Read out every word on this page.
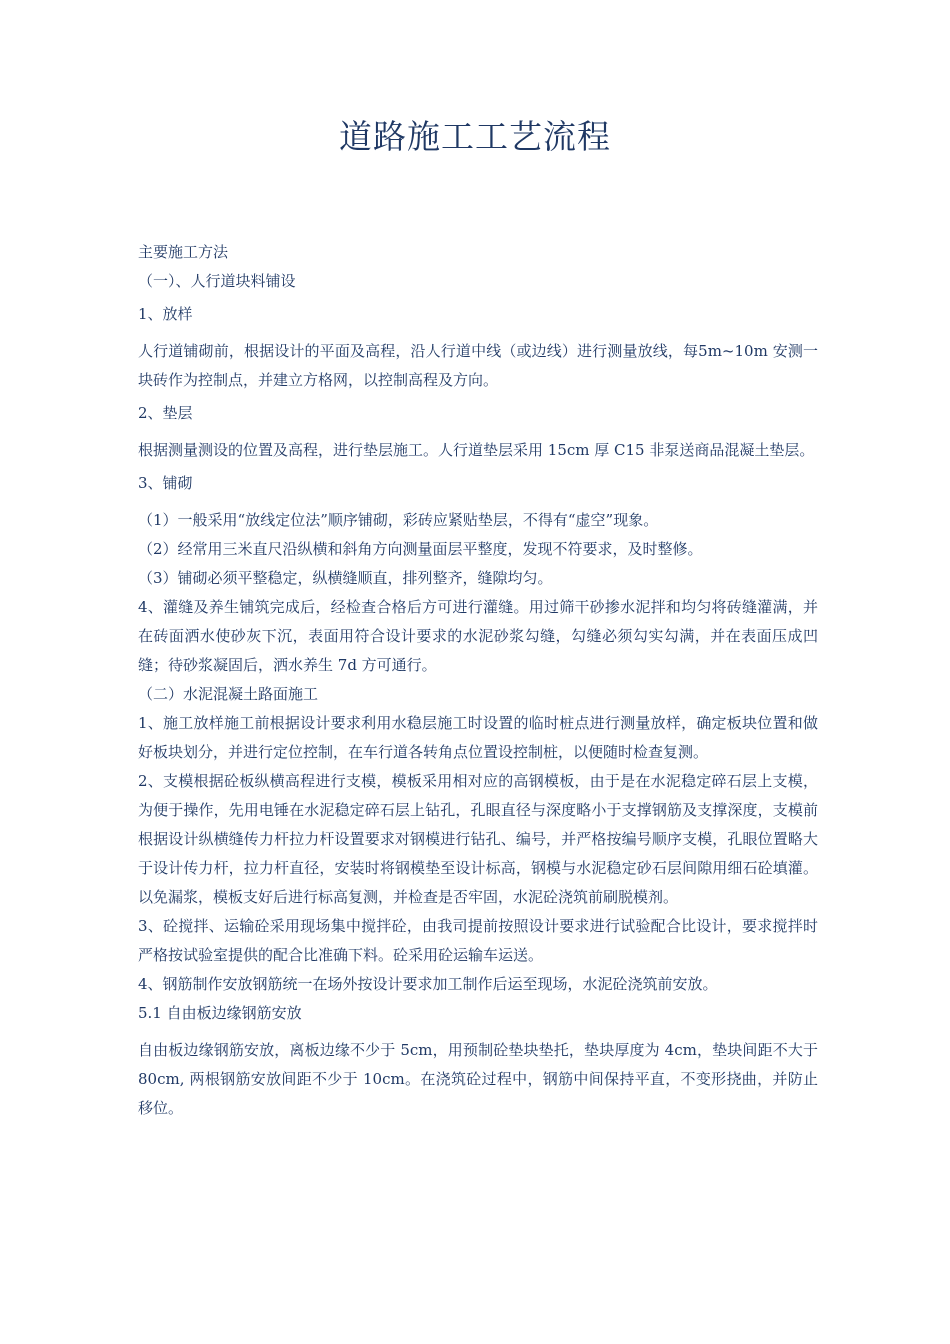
道路施工工艺流程

主要施工方法

（一）、人行道块料铺设

1、放样

人行道铺砌前，根据设计的平面及高程，沿人行道中线（或边线）进行测量放线，每5m~10m 安测一块砖作为控制点，并建立方格网，以控制高程及方向。

2、垫层

根据测量测设的位置及高程，进行垫层施工。人行道垫层采用 15cm 厚 C15 非泵送商品混凝土垫层。

3、铺砌

（1）一般采用“放线定位法”顺序铺砌，彩砖应紧贴垫层，不得有“虚空”现象。

（2）经常用三米直尺沿纵横和斜角方向测量面层平整度，发现不符要求，及时整修。

（3）铺砌必须平整稳定，纵横缝顺直，排列整齐，缝隙均匀。

4、灌缝及养生铺筑完成后，经检查合格后方可进行灌缝。用过筛干砂掺水泥拌和均匀将砖缝灌满，并在砖面洒水使砂灰下沉，表面用符合设计要求的水泥砂浆勾缝，勾缝必须勾实勾满，并在表面压成凹缝；待砂浆凝固后，洒水养生 7d 方可通行。

（二）水泥混凝土路面施工

1、施工放样施工前根据设计要求利用水稳层施工时设置的临时桩点进行测量放样，确定板块位置和做好板块划分，并进行定位控制，在车行道各转角点位置设控制桩，以便随时检查复测。

2、支模根据砼板纵横高程进行支模，模板采用相对应的高钢模板，由于是在水泥稳定碎石层上支模，为便于操作，先用电锤在水泥稳定碎石层上钻孔，孔眼直径与深度略小于支撑钢筋及支撑深度，支模前根据设计纵横缝传力杆拉力杆设置要求对钢模进行钻孔、编号，并严格按编号顺序支模，孔眼位置略大于设计传力杆，拉力杆直径，安装时将钢模垫至设计标高，钢模与水泥稳定砂石层间隙用细石砼填灌。以免漏浆，模板支好后进行标高复测，并检查是否牢固，水泥砼浇筑前刷脱模剂。

3、砼搅拌、运输砼采用现场集中搅拌砼，由我司提前按照设计要求进行试验配合比设计，要求搅拌时严格按试验室提供的配合比准确下料。砼采用砼运输车运送。

4、钢筋制作安放钢筋统一在场外按设计要求加工制作后运至现场，水泥砼浇筑前安放。

5.1 自由板边缘钢筋安放

自由板边缘钢筋安放，离板边缘不少于 5cm，用预制砼垫块垫托，垫块厚度为 4cm，垫块间距不大于 80cm, 两根钢筋安放间距不少于 10cm。在浇筑砼过程中，钢筋中间保持平直，不变形挠曲，并防止移位。
